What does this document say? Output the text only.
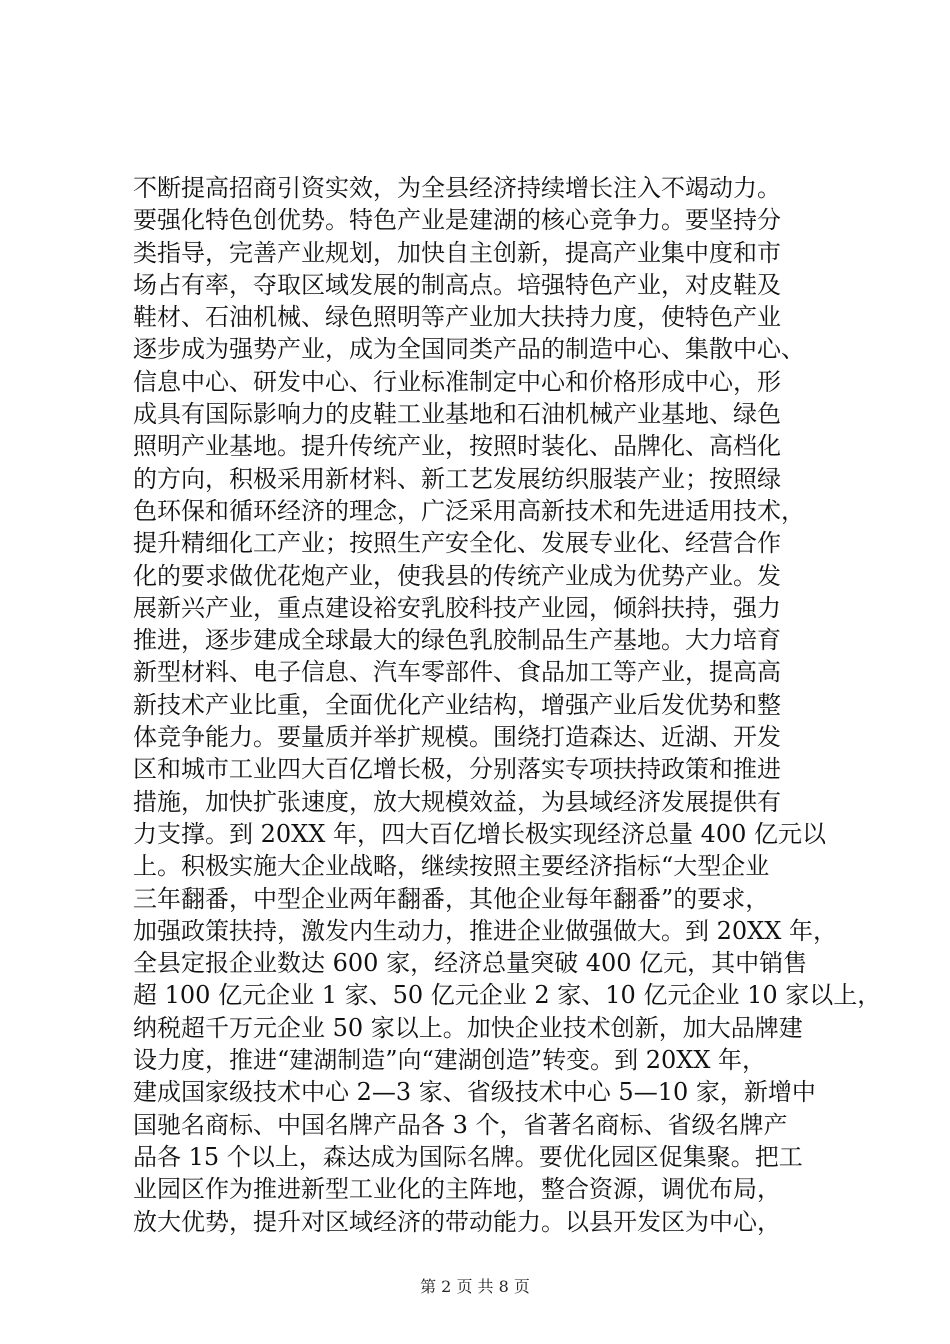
不断提高招商引资实效，为全县经济持续增长注入不竭动力。
要强化特色创优势。特色产业是建湖的核心竞争力。要坚持分
类指导，完善产业规划，加快自主创新，提高产业集中度和市
场占有率，夺取区域发展的制高点。培强特色产业，对皮鞋及
鞋材、石油机械、绿色照明等产业加大扶持力度，使特色产业
逐步成为强势产业，成为全国同类产品的制造中心、集散中心、
信息中心、研发中心、行业标准制定中心和价格形成中心，形
成具有国际影响力的皮鞋工业基地和石油机械产业基地、绿色
照明产业基地。提升传统产业，按照时装化、品牌化、高档化
的方向，积极采用新材料、新工艺发展纺织服装产业；按照绿
色环保和循环经济的理念，广泛采用高新技术和先进适用技术，
提升精细化工产业；按照生产安全化、发展专业化、经营合作
化的要求做优花炮产业，使我县的传统产业成为优势产业。发
展新兴产业，重点建设裕安乳胶科技产业园，倾斜扶持，强力
推进，逐步建成全球最大的绿色乳胶制品生产基地。大力培育
新型材料、电子信息、汽车零部件、食品加工等产业，提高高
新技术产业比重，全面优化产业结构，增强产业后发优势和整
体竞争能力。要量质并举扩规模。围绕打造森达、近湖、开发
区和城市工业四大百亿增长极，分别落实专项扶持政策和推进
措施，加快扩张速度，放大规模效益，为县域经济发展提供有
力支撑。到 20XX 年，四大百亿增长极实现经济总量 400 亿元以
上。积极实施大企业战略，继续按照主要经济指标“大型企业
三年翻番，中型企业两年翻番，其他企业每年翻番”的要求，
加强政策扶持，激发内生动力，推进企业做强做大。到 20XX 年，
全县定报企业数达 600 家，经济总量突破 400 亿元，其中销售
超 100 亿元企业 1 家、50 亿元企业 2 家、10 亿元企业 10 家以上，
纳税超千万元企业 50 家以上。加快企业技术创新，加大品牌建
设力度，推进“建湖制造”向“建湖创造”转变。到 20XX 年，
建成国家级技术中心 2—3 家、省级技术中心 5—10 家，新增中
国驰名商标、中国名牌产品各 3 个，省著名商标、省级名牌产
品各 15 个以上，森达成为国际名牌。要优化园区促集聚。把工
业园区作为推进新型工业化的主阵地，整合资源，调优布局，
放大优势，提升对区域经济的带动能力。以县开发区为中心，
第 2 页 共 8 页
